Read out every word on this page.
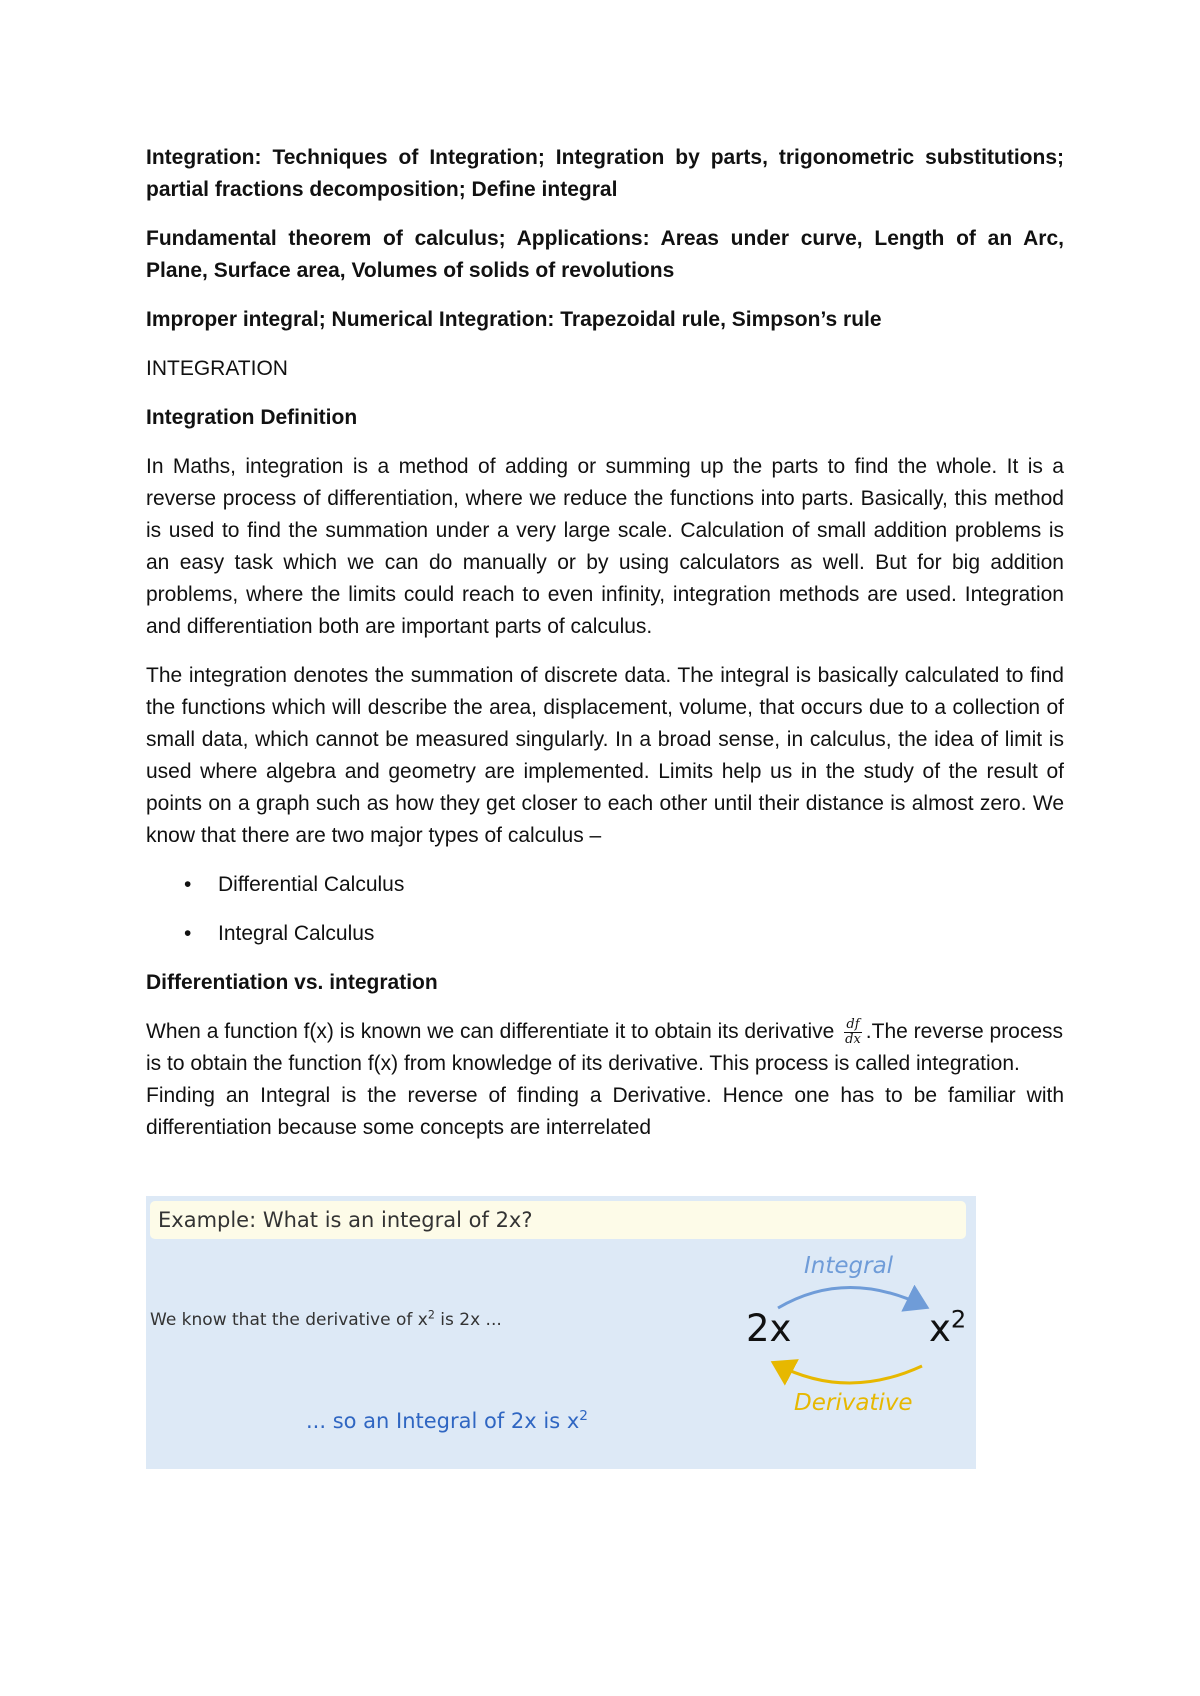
Integration: Techniques of Integration; Integration by parts, trigonometric substitutions; partial fractions decomposition; Define integral

Fundamental theorem of calculus; Applications: Areas under curve, Length of an Arc, Plane, Surface area, Volumes of solids of revolutions

Improper integral; Numerical Integration: Trapezoidal rule, Simpson’s rule

INTEGRATION

Integration Definition

In Maths, integration is a method of adding or summing up the parts to find the whole. It is a reverse process of differentiation, where we reduce the functions into parts. Basically, this method is used to find the summation under a very large scale. Calculation of small addition problems is an easy task which we can do manually or by using calculators as well. But for big addition problems, where the limits could reach to even infinity, integration methods are used. Integration and differentiation both are important parts of calculus.

The integration denotes the summation of discrete data. The integral is basically calculated to find the functions which will describe the area, displacement, volume, that occurs due to a collection of small data, which cannot be measured singularly. In a broad sense, in calculus, the idea of limit is used where algebra and geometry are implemented. Limits help us in the study of the result of points on a graph such as how they get closer to each other until their distance is almost zero. We know that there are two major types of calculus –

• Differential Calculus
• Integral Calculus

Differentiation vs. integration

When a function f(x) is known we can differentiate it to obtain its derivative $\frac{df}{dx} .The$ reverse process is to obtain the function f(x) from knowledge of its derivative. This process is called integration.

Finding an Integral is the reverse of finding a Derivative. Hence one has to be familiar with differentiation because some concepts are interrelated

Example: What is an integral of 2x?
We know that the derivative of $x^2$ is 2x ...
... so an Integral of 2x is $x^2$
Integral
Derivative
2x	$x^2$
